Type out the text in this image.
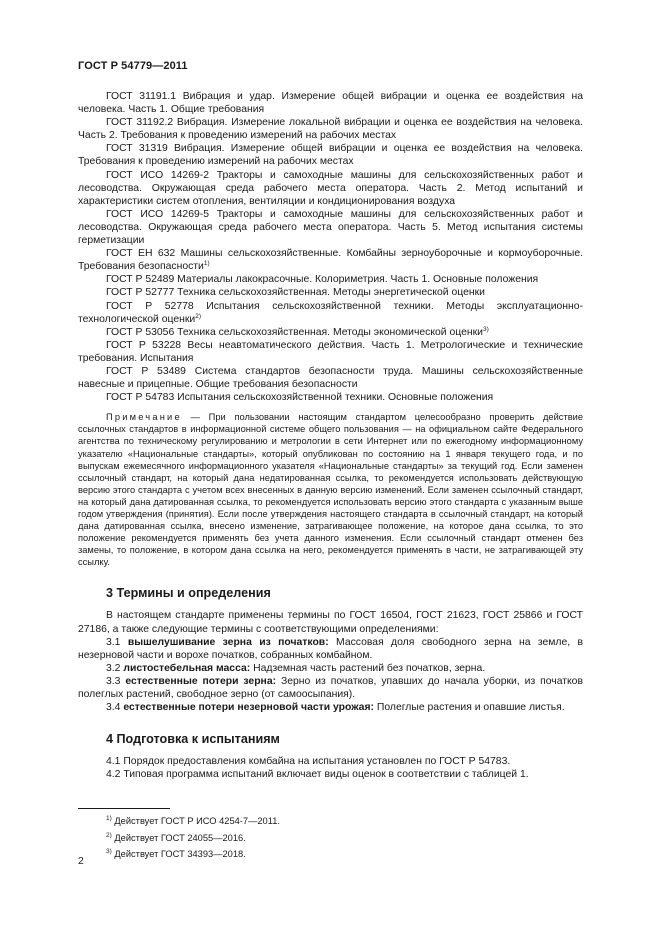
ГОСТ Р 54779—2011

ГОСТ 31191.1 Вибрация и удар. Измерение общей вибрации и оценка ее воздействия на человека. Часть 1. Общие требования

ГОСТ 31192.2 Вибрация. Измерение локальной вибрации и оценка ее воздействия на человека. Часть 2. Требования к проведению измерений на рабочих местах

ГОСТ 31319 Вибрация. Измерение общей вибрации и оценка ее воздействия на человека. Требования к проведению измерений на рабочих местах

ГОСТ ИСО 14269-2 Тракторы и самоходные машины для сельскохозяйственных работ и лесоводства. Окружающая среда рабочего места оператора. Часть 2. Метод испытаний и характеристики систем отопления, вентиляции и кондиционирования воздуха

ГОСТ ИСО 14269-5 Тракторы и самоходные машины для сельскохозяйственных работ и лесоводства. Окружающая среда рабочего места оператора. Часть 5. Метод испытания системы герметизации

ГОСТ ЕН 632 Машины сельскохозяйственные. Комбайны зерноуборочные и кормоуборочные. Требования безопасности$^{1)}$

ГОСТ Р 52489 Материалы лакокрасочные. Колориметрия. Часть 1. Основные положения

ГОСТ Р 52777 Техника сельскохозяйственная. Методы энергетической оценки

ГОСТ Р 52778 Испытания сельскохозяйственной техники. Методы эксплуатационно-технологической оценки$^{2)}$

ГОСТ Р 53056 Техника сельскохозяйственная. Методы экономической оценки$^{3)}$

ГОСТ Р 53228 Весы неавтоматического действия. Часть 1. Метрологические и технические требования. Испытания

ГОСТ Р 53489 Система стандартов безопасности труда. Машины сельскохозяйственные навесные и прицепные. Общие требования безопасности

ГОСТ Р 54783 Испытания сельскохозяйственной техники. Основные положения

Примечание — При пользовании настоящим стандартом целесообразно проверить действие ссылочных стандартов в информационной системе общего пользования — на официальном сайте Федерального агентства по техническому регулированию и метрологии в сети Интернет или по ежегодному информационному указателю «Национальные стандарты», который опубликован по состоянию на 1 января текущего года, и по выпускам ежемесячного информационного указателя «Национальные стандарты» за текущий год. Если заменен ссылочный стандарт, на который дана недатированная ссылка, то рекомендуется использовать действующую версию этого стандарта с учетом всех внесенных в данную версию изменений. Если заменен ссылочный стандарт, на который дана датированная ссылка, то рекомендуется использовать версию этого стандарта с указанным выше годом утверждения (принятия). Если после утверждения настоящего стандарта в ссылочный стандарт, на который дана датированная ссылка, внесено изменение, затрагивающее положение, на которое дана ссылка, то это положение рекомендуется применять без учета данного изменения. Если ссылочный стандарт отменен без замены, то положение, в котором дана ссылка на него, рекомендуется применять в части, не затрагивающей эту ссылку.

3 Термины и определения

В настоящем стандарте применены термины по ГОСТ 16504, ГОСТ 21623, ГОСТ 25866 и ГОСТ 27186, а также следующие термины с соответствующими определениями:

3.1 вышелушивание зерна из початков: Массовая доля свободного зерна на земле, в незерновой части и ворохе початков, собранных комбайном.

3.2 листостебельная масса: Надземная часть растений без початков, зерна.

3.3 естественные потери зерна: Зерно из початков, упавших до начала уборки, из початков полеглых растений, свободное зерно (от самоосыпания).

3.4 естественные потери незерновой части урожая: Полеглые растения и опавшие листья.

4 Подготовка к испытаниям

4.1 Порядок предоставления комбайна на испытания установлен по ГОСТ Р 54783.

4.2 Типовая программа испытаний включает виды оценок в соответствии с таблицей 1.

$^{1)}$ Действует ГОСТ Р ИСО 4254-7—2011.
$^{2)}$ Действует ГОСТ 24055—2016.
$^{3)}$ Действует ГОСТ 34393—2018.
2
